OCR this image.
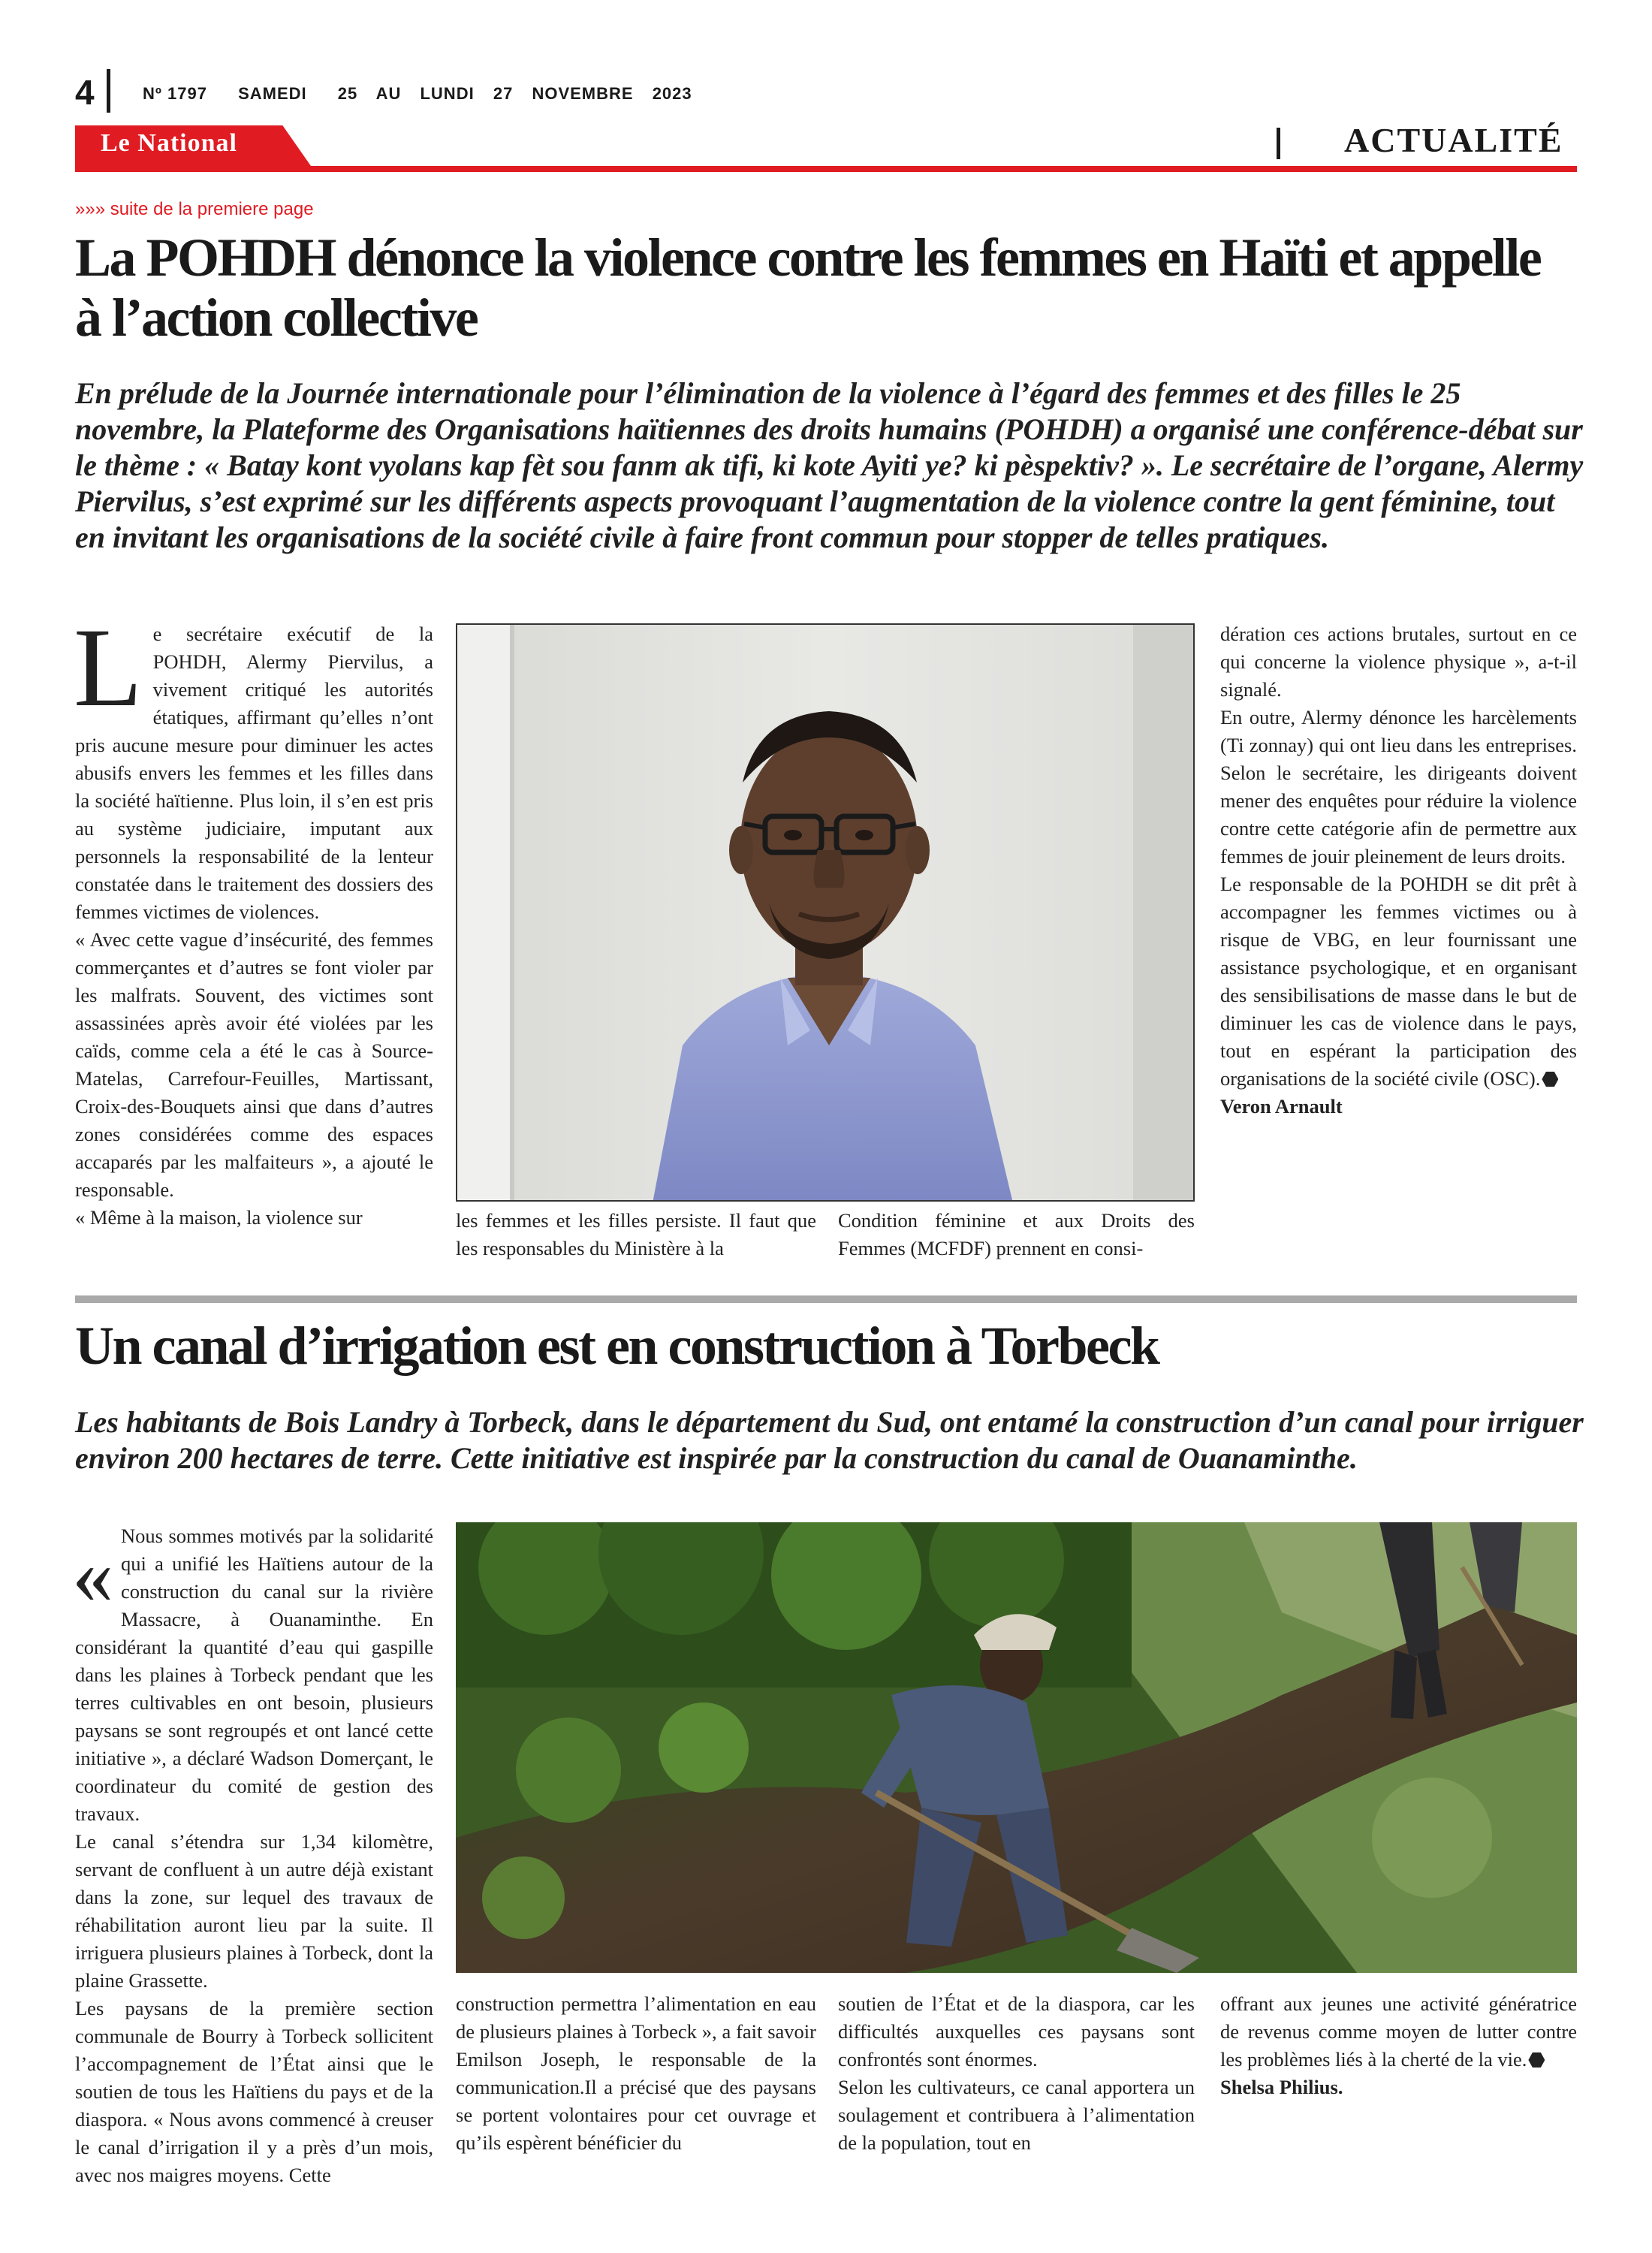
4	Nº 1797 SAMEDI 25 AU LUNDI 27 NOVEMBRE 2023
Le National	ACTUALITÉ
»»» suite de la premiere page
La POHDH dénonce la violence contre les femmes en Haïti et appelle à l’action collective
En prélude de la Journée internationale pour l’élimination de la violence à l’égard des femmes et des filles le 25 novembre, la Plateforme des Organisations haïtiennes des droits humains (POHDH) a organisé une conférence-débat sur le thème : « Batay kont vyolans kap fèt sou fanm ak tifi, ki kote Ayiti ye? ki pèspektiv? ». Le secrétaire de l’organe, Alermy Piervilus, s’est exprimé sur les différents aspects provoquant l’augmentation de la violence contre la gent féminine, tout en invitant les organisations de la société civile à faire front commun pour stopper de telles pratiques.
L e secrétaire exécutif de la POHDH, Alermy Piervilus, a vivement critiqué les autorités étatiques, affirmant qu’elles n’ont pris aucune mesure pour diminuer les actes abusifs envers les femmes et les filles dans la société haïtienne. Plus loin, il s’en est pris au système judiciaire, imputant aux personnels la responsabilité de la lenteur constatée dans le traitement des dossiers des femmes victimes de violences.

« Avec cette vague d’insécurité, des femmes commerçantes et d’autres se font violer par les malfrats. Souvent, des victimes sont assassinées après avoir été violées par les caïds, comme cela a été le cas à Source-Matelas, Carrefour-Feuilles, Martissant, Croix-des-Bouquets ainsi que dans d’autres zones considérées comme des espaces accaparés par les malfaiteurs », a ajouté le responsable.

« Même à la maison, la violence sur	les femmes et les filles persiste. Il faut que les responsables du Ministère à la

Condition féminine et aux Droits des Femmes (MCFDF) prennent en consi-

dération ces actions brutales, surtout en ce qui concerne la violence physique », a-t-il signalé.

En outre, Alermy dénonce les harcèlements (Ti zonnay) qui ont lieu dans les entreprises. Selon le secrétaire, les dirigeants doivent mener des enquêtes pour réduire la violence contre cette catégorie afin de permettre aux femmes de jouir pleinement de leurs droits.

Le responsable de la POHDH se dit prêt à accompagner les femmes victimes ou à risque de VBG, en leur fournissant une assistance psychologique, et en organisant des sensibilisations de masse dans le but de diminuer les cas de violence dans le pays, tout en espérant la participation des organisations de la société civile (OSC).

Veron Arnault

Un canal d’irrigation est en construction à Torbeck
Les habitants de Bois Landry à Torbeck, dans le département du Sud, ont entamé la construction d’un canal pour irriguer environ 200 hectares de terre. Cette initiative est inspirée par la construction du canal de Ouanaminthe.
« Nous sommes motivés par la solidarité qui a unifié les Haïtiens autour de la construction du canal sur la rivière Massacre, à Ouanaminthe. En considérant la quantité d’eau qui gaspille dans les plaines à Torbeck pendant que les terres cultivables en ont besoin, plusieurs paysans se sont regroupés et ont lancé cette initiative », a déclaré Wadson Domerçant, le coordinateur du comité de gestion des travaux.

Le canal s’étendra sur 1,34 kilomètre, servant de confluent à un autre déjà existant dans la zone, sur lequel des travaux de réhabilitation auront lieu par la suite. Il irriguera plusieurs plaines à Torbeck, dont la plaine Grassette.

Les paysans de la première section communale de Bourry à Torbeck sollicitent l’accompagnement de l’État ainsi que le soutien de tous les Haïtiens du pays et de la diaspora. « Nous avons commencé à creuser le canal d’irrigation il y a près d’un mois, avec nos maigres moyens. Cette

construction permettra l’alimentation en eau de plusieurs plaines à Torbeck », a fait savoir Emilson Joseph, le responsable de la communication.Il a précisé que des paysans se portent volontaires pour cet ouvrage et qu’ils espèrent bénéficier du

soutien de l’État et de la diaspora, car les difficultés auxquelles ces paysans sont confrontés sont énormes.

Selon les cultivateurs, ce canal apportera un soulagement et contribuera à l’alimentation de la population, tout en

offrant aux jeunes une activité génératrice de revenus comme moyen de lutter contre les problèmes liés à la cherté de la vie.

Shelsa Philius.
